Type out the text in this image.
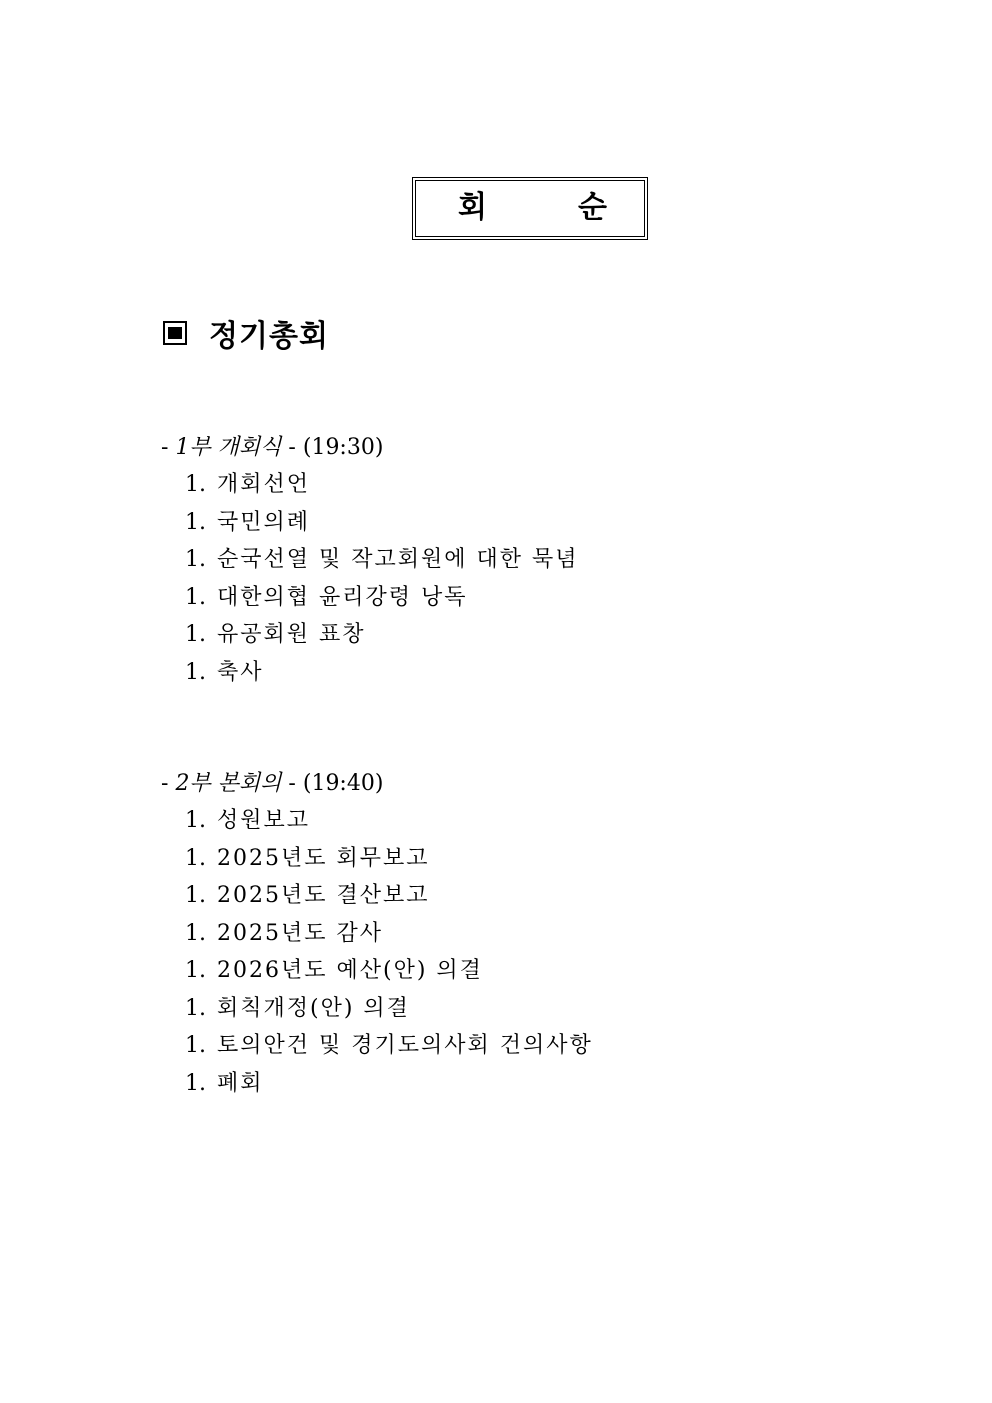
회	순
정기총회
- 1부 개회식 - (19:30)
1. 개회선언
1. 국민의례
1. 순국선열 및 작고회원에 대한 묵념
1. 대한의협 윤리강령 낭독
1. 유공회원 표창
1. 축사
- 2부 본회의 - (19:40)
1. 성원보고
1. 2025년도 회무보고
1. 2025년도 결산보고
1. 2025년도 감사
1. 2026년도 예산(안) 의결
1. 회칙개정(안) 의결
1. 토의안건 및 경기도의사회 건의사항
1. 폐회
